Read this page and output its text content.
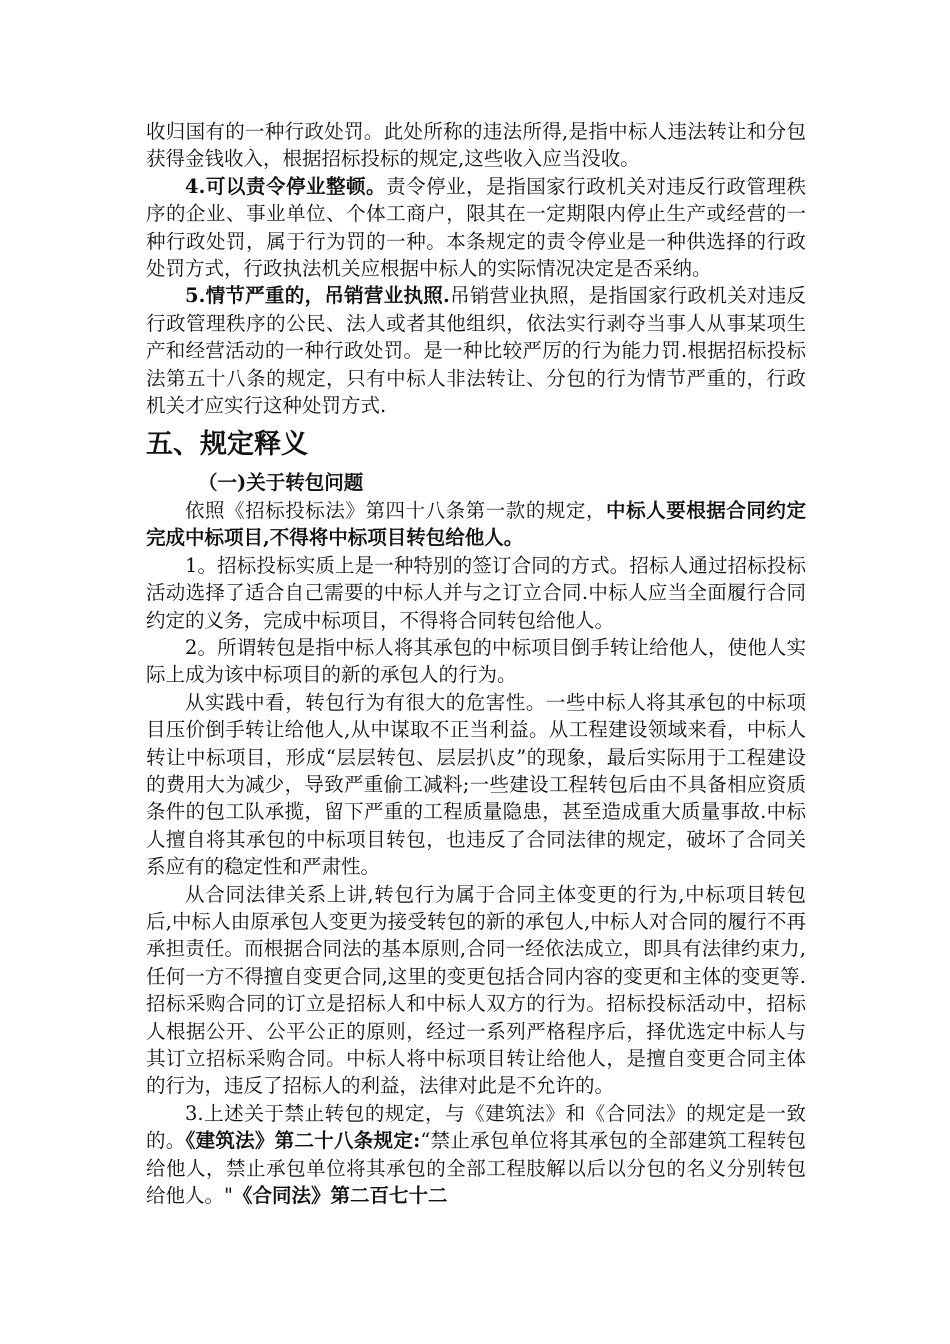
收归国有的一种行政处罚。此处所称的违法所得,是指中标人违法转让和分包获得金钱收入，根据招标投标的规定,这些收入应当没收。

4.可以责令停业整顿。责令停业，是指国家行政机关对违反行政管理秩序的企业、事业单位、个体工商户，限其在一定期限内停止生产或经营的一种行政处罚，属于行为罚的一种。本条规定的责令停业是一种供选择的行政处罚方式，行政执法机关应根据中标人的实际情况决定是否采纳。

5.情节严重的，吊销营业执照.吊销营业执照，是指国家行政机关对违反行政管理秩序的公民、法人或者其他组织，依法实行剥夺当事人从事某项生产和经营活动的一种行政处罚。是一种比较严厉的行为能力罚.根据招标投标法第五十八条的规定，只有中标人非法转让、分包的行为情节严重的，行政机关才应实行这种处罚方式.

五、规定释义

（一)关于转包问题

依照《招标投标法》第四十八条第一款的规定，中标人要根据合同约定完成中标项目,不得将中标项目转包给他人。

1。招标投标实质上是一种特别的签订合同的方式。招标人通过招标投标活动选择了适合自己需要的中标人并与之订立合同.中标人应当全面履行合同约定的义务，完成中标项目，不得将合同转包给他人。

2。所谓转包是指中标人将其承包的中标项目倒手转让给他人，使他人实际上成为该中标项目的新的承包人的行为。

从实践中看，转包行为有很大的危害性。一些中标人将其承包的中标项目压价倒手转让给他人,从中谋取不正当利益。从工程建设领域来看，中标人转让中标项目，形成“层层转包、层层扒皮”的现象，最后实际用于工程建设的费用大为减少，导致严重偷工减料;一些建设工程转包后由不具备相应资质条件的包工队承揽，留下严重的工程质量隐患，甚至造成重大质量事故.中标人擅自将其承包的中标项目转包，也违反了合同法律的规定，破坏了合同关系应有的稳定性和严肃性。

从合同法律关系上讲,转包行为属于合同主体变更的行为,中标项目转包后,中标人由原承包人变更为接受转包的新的承包人,中标人对合同的履行不再承担责任。而根据合同法的基本原则,合同一经依法成立，即具有法律约束力,任何一方不得擅自变更合同,这里的变更包括合同内容的变更和主体的变更等.招标采购合同的订立是招标人和中标人双方的行为。招标投标活动中，招标人根据公开、公平公正的原则，经过一系列严格程序后，择优选定中标人与其订立招标采购合同。中标人将中标项目转让给他人，是擅自变更合同主体的行为，违反了招标人的利益，法律对此是不允许的。

3.上述关于禁止转包的规定，与《建筑法》和《合同法》的规定是一致的。《建筑法》第二十八条规定:“禁止承包单位将其承包的全部建筑工程转包给他人，禁止承包单位将其承包的全部工程肢解以后以分包的名义分别转包给他人。"《合同法》第二百七十二
